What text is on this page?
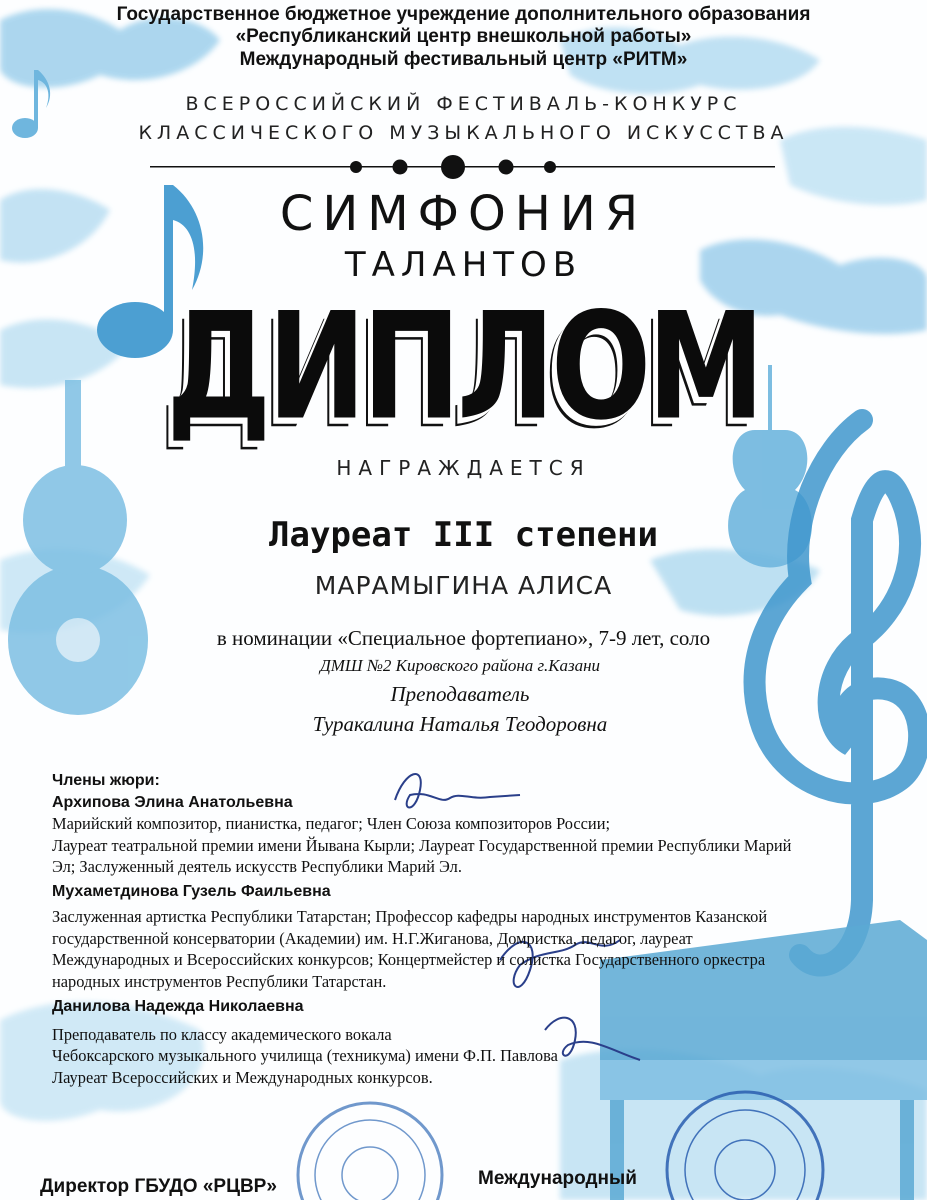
Государственное бюджетное учреждение дополнительного образования
«Республиканский центр внешкольной работы»
Международный фестивальный центр «РИТМ»
ВСЕРОССИЙСКИЙ ФЕСТИВАЛЬ-КОНКУРС
КЛАССИЧЕСКОГО МУЗЫКАЛЬНОГО ИСКУССТВА
СИМФОНИЯ
ТАЛАНТОВ
ДИПЛОМ
НАГРАЖДАЕТСЯ
Лауреат III степени
МАРАМЫГИНА АЛИСА
в номинации «Специальное фортепиано», 7-9 лет, соло
ДМШ №2 Кировского района г.Казани
Преподаватель
Туракалина Наталья Теодоровна
Члены жюри:
Архипова Элина Анатольевна
Марийский композитор, пианистка, педагог; Член Союза композиторов России;
Лауреат театральной премии имени Йывана Кырли; Лауреат Государственной премии Республики Марий
Эл; Заслуженный деятель искусств Республики Марий Эл.
Мухаметдинова Гузель Фаильевна
Заслуженная артистка Республики Татарстан; Профессор кафедры народных инструментов Казанской
государственной консерватории (Академии) им. Н.Г.Жиганова, Домристка, педагог, лауреат
Международных и Всероссийских конкурсов; Концертмейстер и солистка Государственного оркестра
народных инструментов Республики Татарстан.
Данилова Надежда Николаевна
Преподаватель по классу академического вокала
Чебоксарского музыкального училища (техникума) имени Ф.П. Павлова
Лауреат Всероссийских и Международных конкурсов.
Директор ГБУДО «РЦВР»	Международный
